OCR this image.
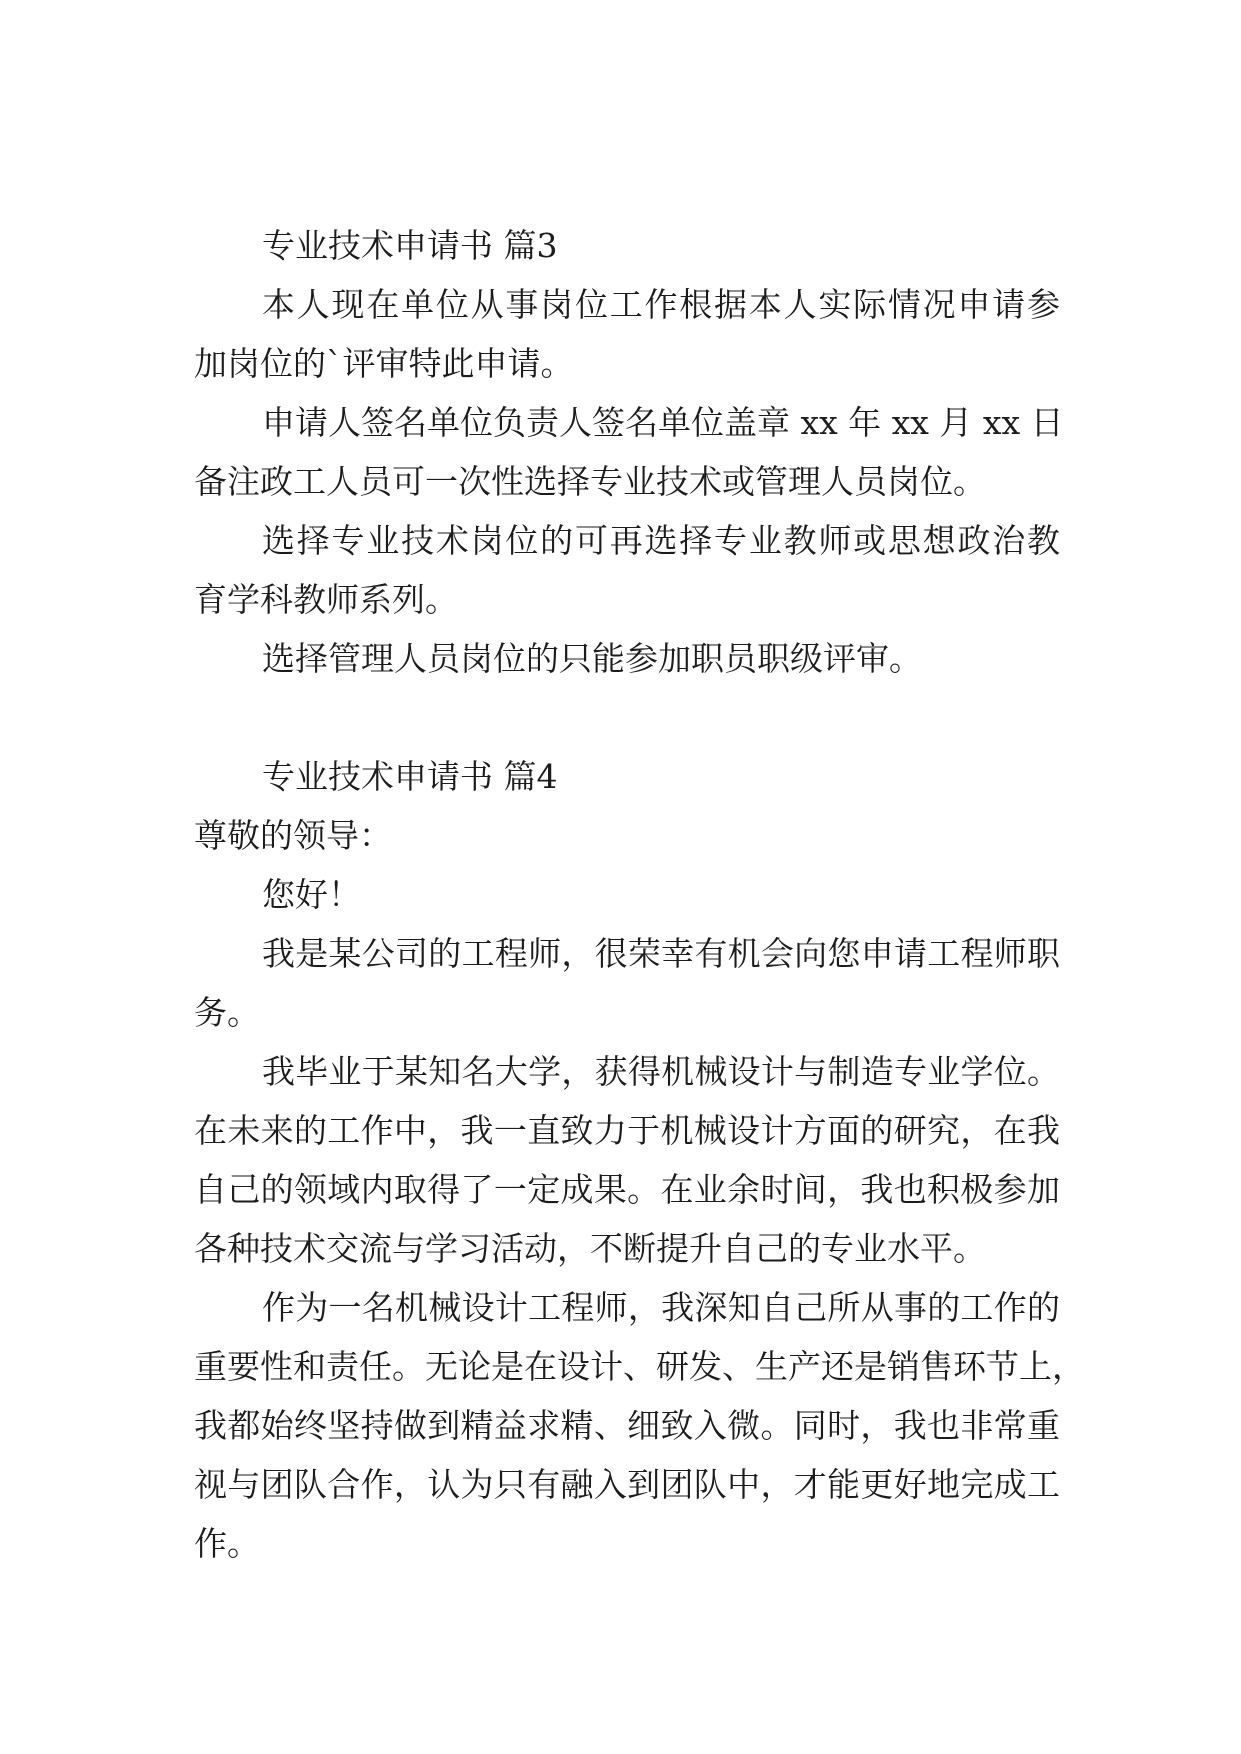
专业技术申请书 篇3
本人现在单位从事岗位工作根据本人实际情况申请参
加岗位的`评审特此申请。
申请人签名单位负责人签名单位盖章 xx 年 xx 月 xx 日
备注政工人员可一次性选择专业技术或管理人员岗位。
选择专业技术岗位的可再选择专业教师或思想政治教
育学科教师系列。
选择管理人员岗位的只能参加职员职级评审。
专业技术申请书 篇4
尊敬的领导：
您好！
我是某公司的工程师，很荣幸有机会向您申请工程师职
务。
我毕业于某知名大学，获得机械设计与制造专业学位。
在未来的工作中，我一直致力于机械设计方面的研究，在我
自己的领域内取得了一定成果。在业余时间，我也积极参加
各种技术交流与学习活动，不断提升自己的专业水平。
作为一名机械设计工程师，我深知自己所从事的工作的
重要性和责任。无论是在设计、研发、生产还是销售环节上，
我都始终坚持做到精益求精、细致入微。同时，我也非常重
视与团队合作，认为只有融入到团队中，才能更好地完成工
作。
